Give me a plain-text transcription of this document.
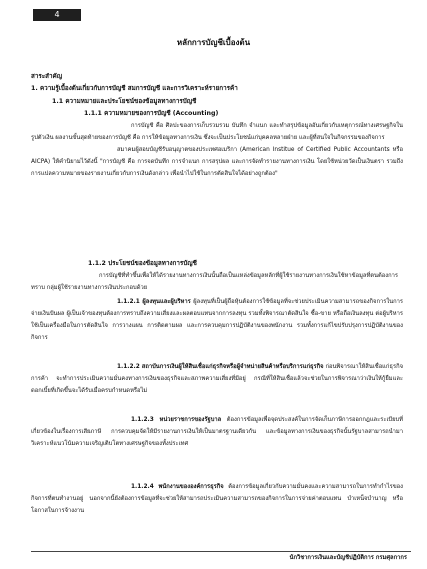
4
หลักการบัญชีเบื้องต้น
สาระสำคัญ
1. ความรู้เบื้องต้นเกี่ยวกับการบัญชี สมการบัญชี และการวิเคราะห์รายการค้า
1.1 ความหมายและประโยชน์ของข้อมูลทางการบัญชี
1.1.1 ความหมายของการบัญชี (Accounting)

การบัญชี คือ ศิลปะของการเก็บรวมรวม บันทึก จำแนก และทำสรุปข้อมูลอันเกี่ยวกับเหตุการณ์ทางเศรษฐกิจในรูปตัวเงิน ผลงานขั้นสุดท้ายของการบัญชี คือ การให้ข้อมูลทางการเงิน ซึ่งจะเป็นประโยชน์แก่บุคคลหลายฝ่าย และผู้ที่สนใจในกิจกรรมของกิจการ

สมาคมผู้สอบบัญชีรับอนุญาตของประเทศอเมริกา (American Institue of Certified Public Accountants หรือ AICPA) ให้คำนิยามไว้ดังนี้ "การบัญชี คือ การจดบันทึก การจำแนก การสรุปผล และการจัดทำรายงานทางการเงิน โดยใช้หน่วยวัดเป็นเงินตรา รวมถึงการแปลความหมายของรายงานเกี่ยวกับการเงินดังกล่าว เพื่อนำไปใช้ในการตัดสินใจได้อย่างถูกต้อง"

1.1.2 ประโยชน์ของข้อมูลทางการบัญชี

การบัญชีที่ทำขึ้นเพื่อให้ได้รายงานทางการเงินนั้นถือเป็นแหล่งข้อมูลหลักที่ผู้ใช้รายงานทางการเงินใช้หาข้อมูลที่ตนต้องการทราบ กลุ่มผู้ใช้รายงานทางการเงินประกอบด้วย

1.1.2.1 ผู้ลงทุนและผู้บริหาร ผู้ลงทุนที่เป็นผู้ถือหุ้นต้องการใช้ข้อมูลที่จะช่วยประเมินความสามารถของกิจการในการจ่ายเงินปันผล ผู้เป็นเจ้าของทุนต้องการทราบถึงความเสี่ยงและผลตอบแทนจากการลงทุน รวมทั้งพิจารณาตัดสินใจ ซื้อ-ขาย หรือถือเงินลงทุน ต่อผู้บริหารใช้เป็นเครื่องมือในการตัดสินใจ การวางแผน การติดตามผล และการควบคุมการปฏิบัติงานของพนักงาน รวมทั้งการแก้ไขปรับปรุงการปฏิบัติงานของกิจการ

1.1.2.2 สถาบันการเงินผู้ให้สินเชื่อแก่ธุรกิจหรือผู้จำหน่ายสินค้าหรือบริการแก่ธุรกิจ ก่อนพิจารณาให้สินเชื่อแก่ธุรกิจการค้า จะทำการประเมินความมั่นคงทางการเงินของธุรกิจและสภาพความเสี่ยงที่มีอยู่ กรณีที่ให้สินเชื่อแล้วจะช่วยในการพิจารณาว่าเงินให้กู้ยืมและดอกเบี้ยที่เกิดขึ้นจะได้รับเมื่อครบกำหนดหรือไม่

1.1.2.3 หน่วยราชการของรัฐบาล ต้องการข้อมูลเพื่อจุดประสงค์ในการจัดเก็บภาษีการออกกฎและระเบียบที่เกี่ยวข้องในเรื่องการเสียภาษี การควบคุมจัดให้มีรายงานการเงินให้เป็นมาตรฐานเดียวกัน และข้อมูลทางการเงินของธุรกิจนั้นรัฐบาลสามารถนำมาวิเคราะห์แนวโน้มความเจริญเติบโตทางเศรษฐกิจของทั้งประเทศ

1.1.2.4 พนักงานขององค์การธุรกิจ ต้องการข้อมูลเกี่ยวกับความมั่นคงและความสามารถในการทำกำไรของกิจการที่ตนทำงานอยู่ นอกจากนี้ยังต้องการข้อมูลที่จะช่วยให้สามารถประเมินความสามารถของกิจการในการจ่ายค่าตอบแทน บำเหน็จบำนาญ หรือโอกาสในการจ้างงาน

นักวิชาการเงินและบัญชีปฏิบัติการ กรมศุลกากร
